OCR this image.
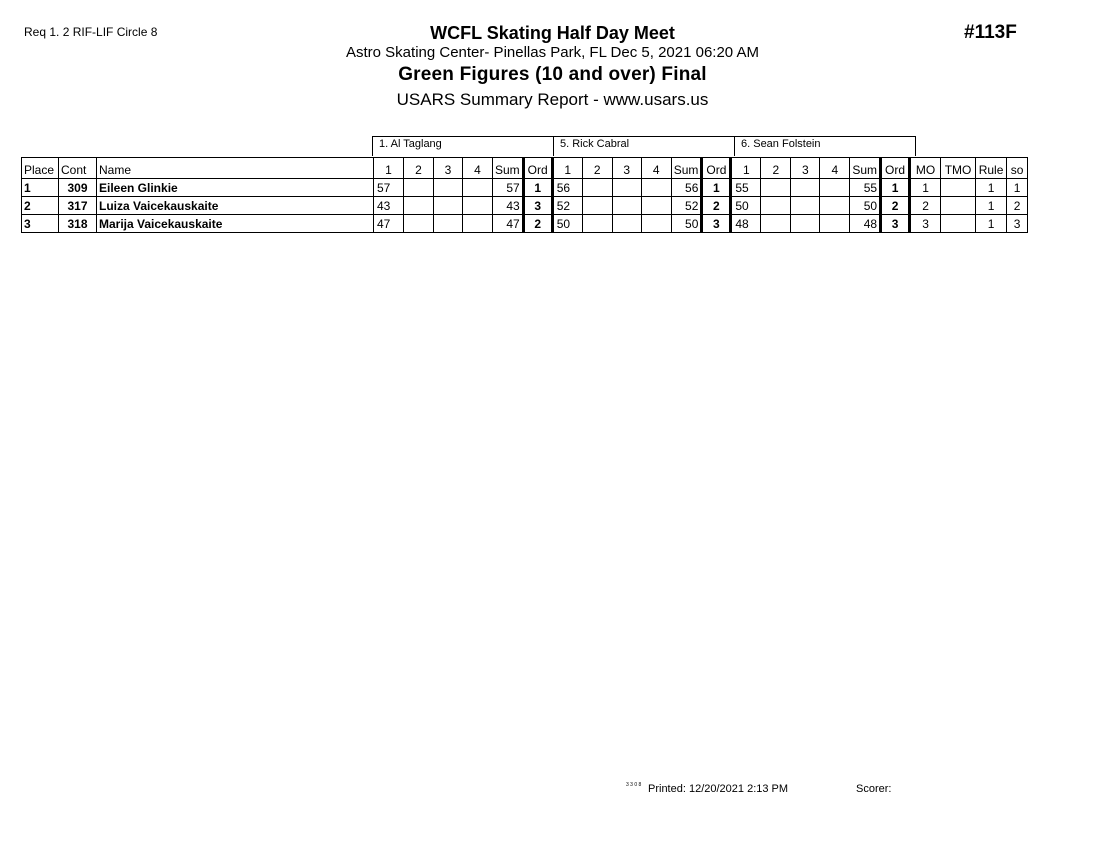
Req 1. 2 RIF-LIF Circle 8	#113F
WCFL Skating Half Day Meet
Astro Skating Center- Pinellas Park, FL Dec 5, 2021 06:20 AM
Green Figures (10 and over) Final
USARS Summary Report - www.usars.us
1. Al Taglang	5. Rick Cabral	6. Sean Folstein
Place	Cont	Name	1	2	3	4	Sum	Ord	1	2	3	4	Sum	Ord	1	2	3	4	Sum	Ord	MO	TMO	Rule	so
1	309	Eileen Glinkie	57				57	1	56				56	1	55				55	1	1		1	1
2	317	Luiza Vaicekauskaite	43				43	3	52				52	2	50				50	2	2		1	2
3	318	Marija Vaicekauskaite	47				47	2	50				50	3	48				48	3	3		1	3
3 3 0 8 Printed: 12/20/2021 2:13 PM	Scorer:
